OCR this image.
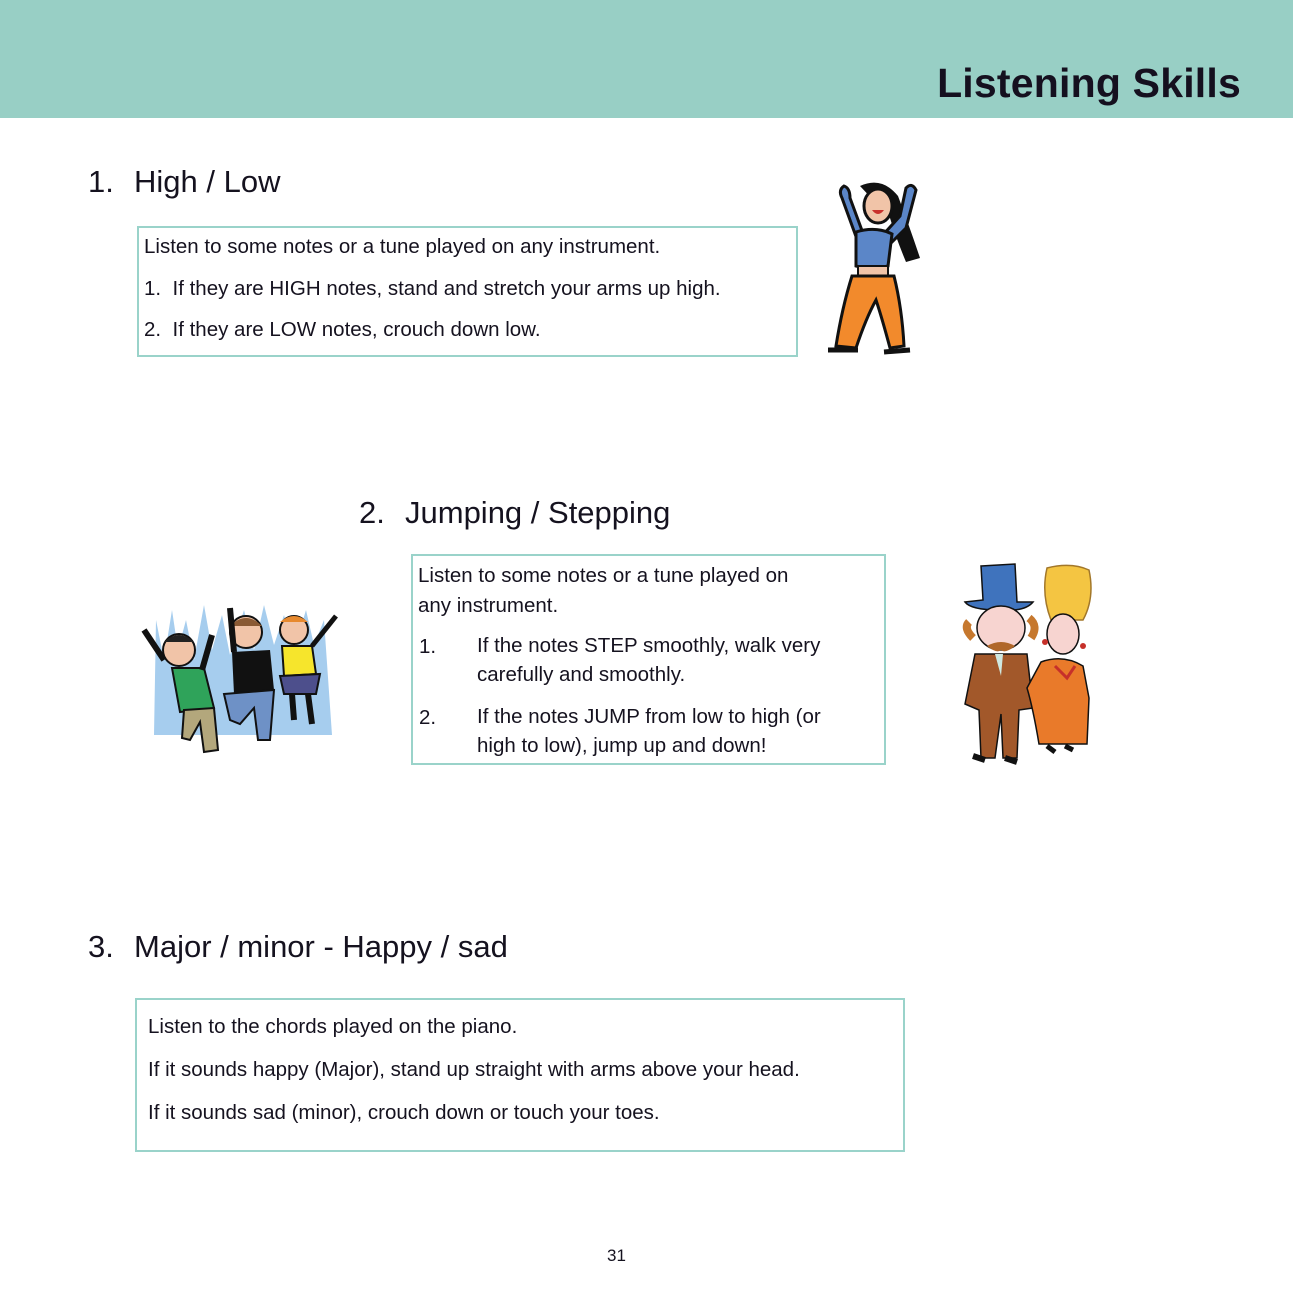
Listening Skills
1. High / Low

Listen to some notes or a tune played on any instrument.

1. If they are HIGH notes, stand and stretch your arms up high.

2. If they are LOW notes, crouch down low.

2. Jumping / Stepping

Listen to some notes or a tune played on

any instrument.

1. If the notes STEP smoothly, walk very
carefully and smoothly.
2. If the notes JUMP from low to high (or
high to low), jump up and down!
3. Major / minor - Happy / sad

Listen to the chords played on the piano.

If it sounds happy (Major), stand up straight with arms above your head.

If it sounds sad (minor), crouch down or touch your toes.

31
